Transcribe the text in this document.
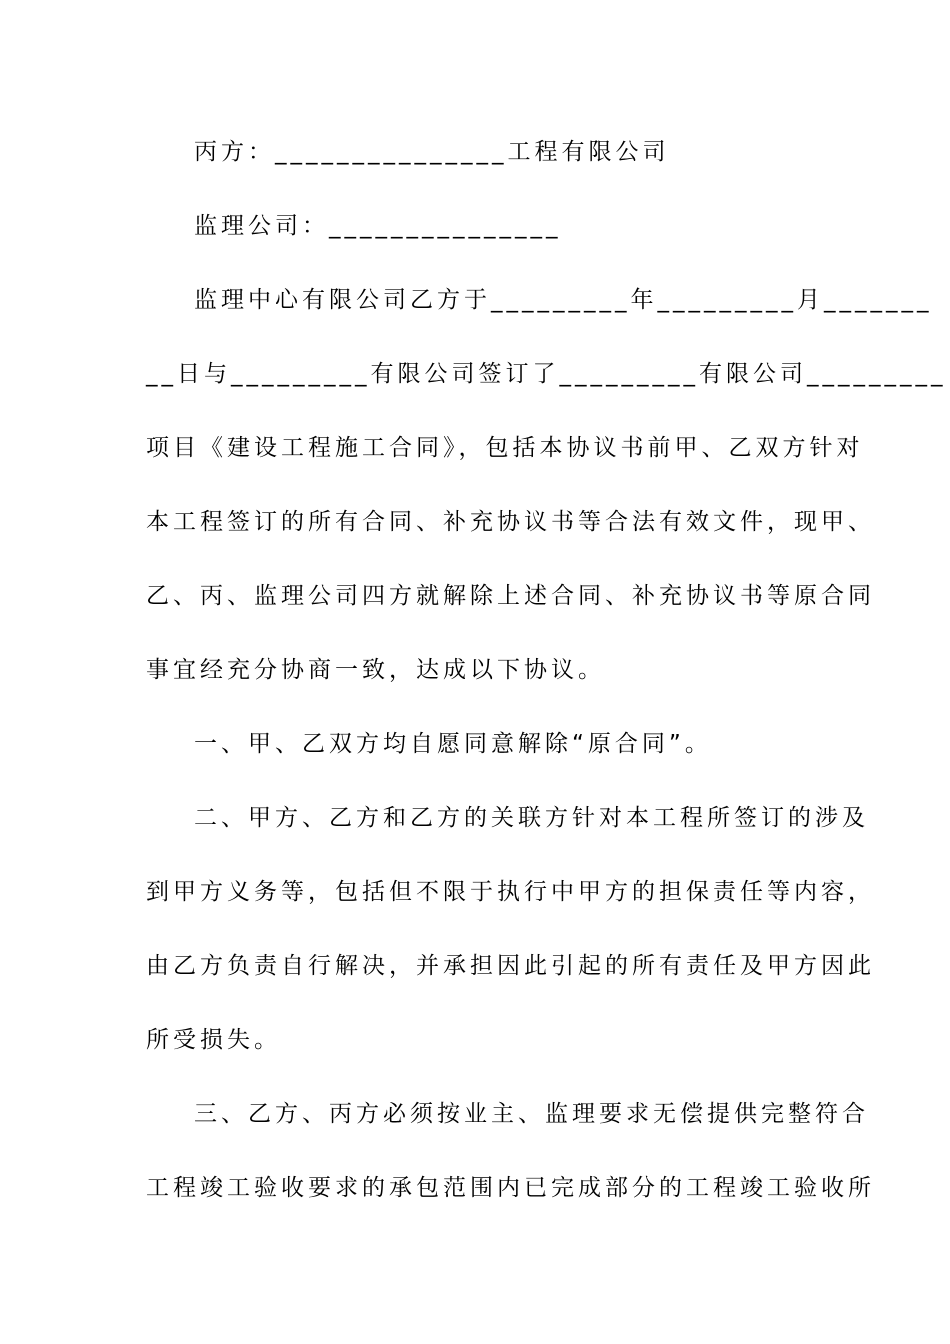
丙方：_______________工程有限公司
监理公司：_______________
监理中心有限公司乙方于_________年_________月_______
__日与_________有限公司签订了_________有限公司_________
项目《建设工程施工合同》，包括本协议书前甲、乙双方针对
本工程签订的所有合同、补充协议书等合法有效文件，现甲、
乙、丙、监理公司四方就解除上述合同、补充协议书等原合同
事宜经充分协商一致，达成以下协议。
一、甲、乙双方均自愿同意解除“原合同”。
二、甲方、乙方和乙方的关联方针对本工程所签订的涉及
到甲方义务等，包括但不限于执行中甲方的担保责任等内容，
由乙方负责自行解决，并承担因此引起的所有责任及甲方因此
所受损失。
三、乙方、丙方必须按业主、监理要求无偿提供完整符合
工程竣工验收要求的承包范围内已完成部分的工程竣工验收所
